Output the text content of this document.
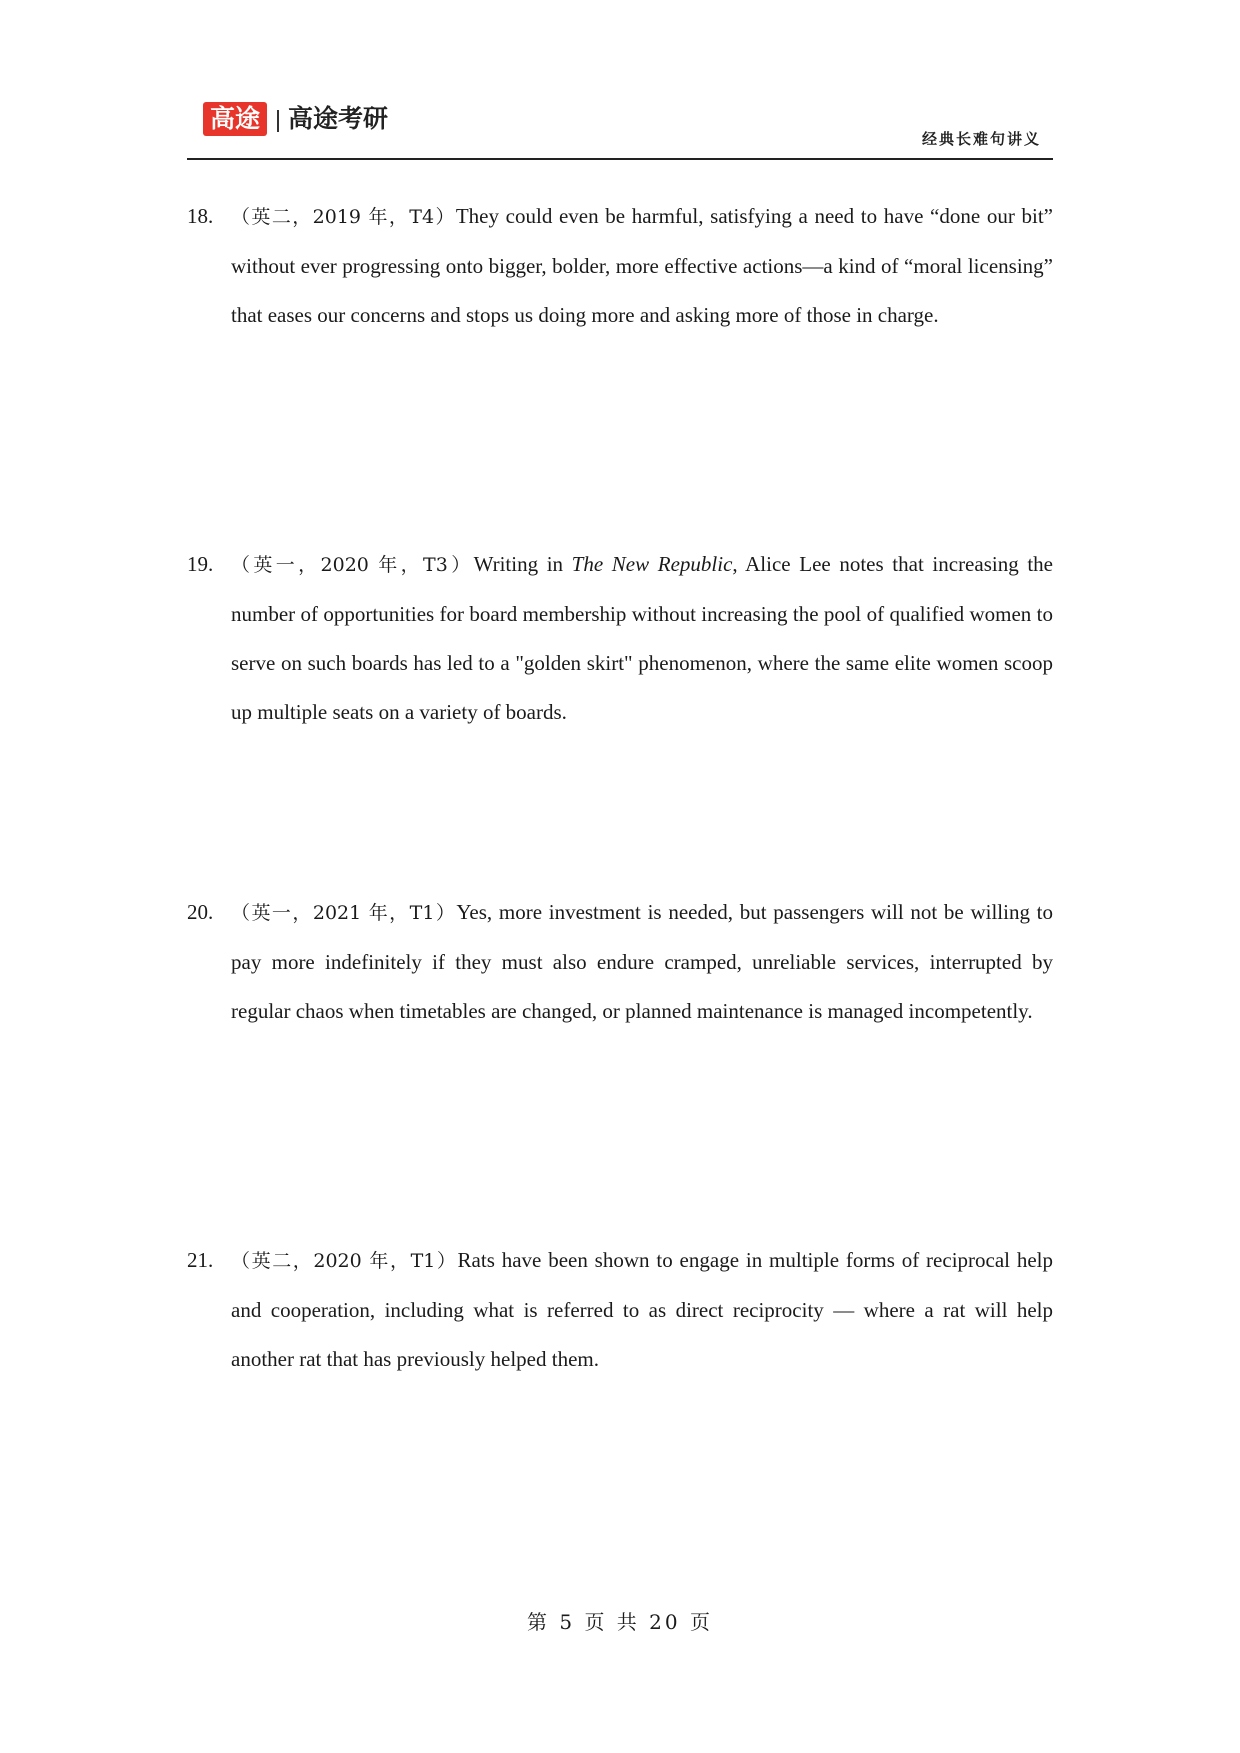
高途 高途考研
经典长难句讲义
18. （英二，2019 年，T4）They could even be harmful, satisfying a need to have “done our bit” without ever progressing onto bigger, bolder, more effective actions—a kind of “moral licensing” that eases our concerns and stops us doing more and asking more of those in charge.
19. （英一，2020 年，T3）Writing in The New Republic, Alice Lee notes that increasing the number of opportunities for board membership without increasing the pool of qualified women to serve on such boards has led to a "golden skirt" phenomenon, where the same elite women scoop up multiple seats on a variety of boards.
20. （英一，2021 年，T1）Yes, more investment is needed, but passengers will not be willing to pay more indefinitely if they must also endure cramped, unreliable services, interrupted by regular chaos when timetables are changed, or planned maintenance is managed incompetently.
21. （英二，2020 年，T1）Rats have been shown to engage in multiple forms of reciprocal help and cooperation, including what is referred to as direct reciprocity — where a rat will help another rat that has previously helped them.
第 5 页 共 20 页
